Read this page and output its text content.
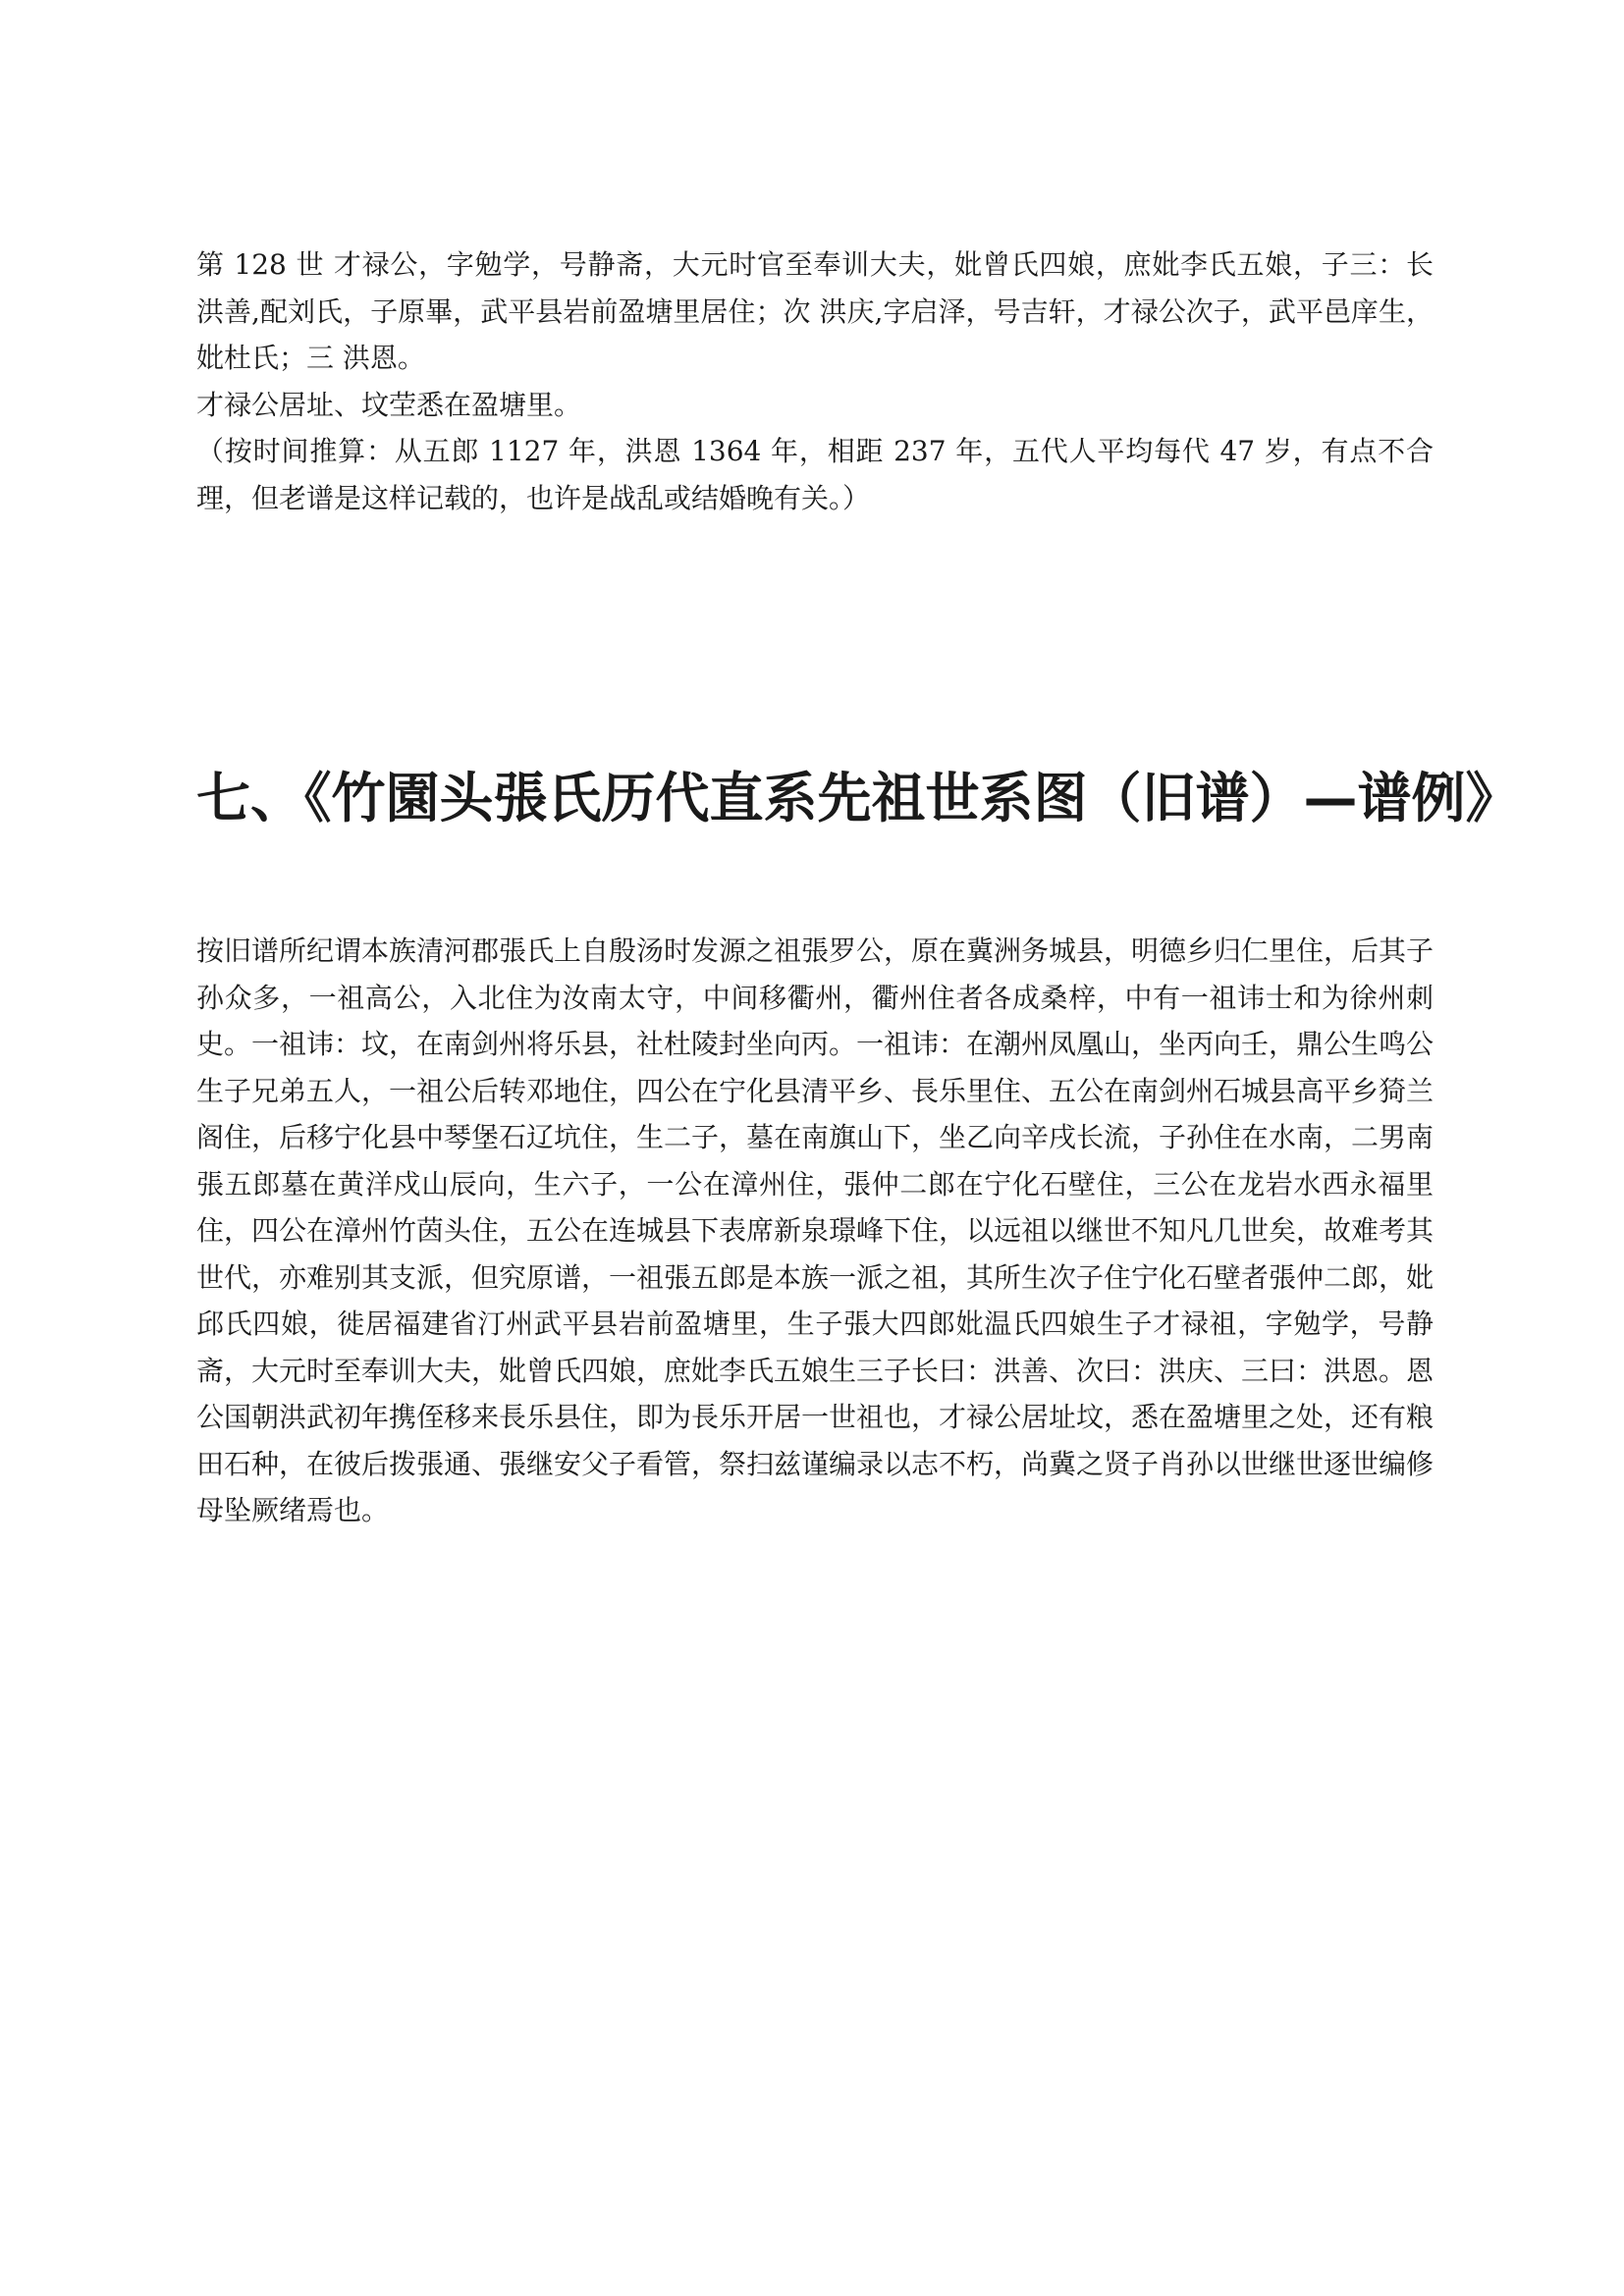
第 128 世 才禄公，字勉学，号静斋，大元时官至奉训大夫，妣曾氏四娘，庶妣李氏五娘，子三：长 洪善,配刘氏，子原畢，武平县岩前盈塘里居住；次 洪庆,字启泽，号吉轩，才禄公次子，武平邑庠生，妣杜氏；三 洪恩。

才禄公居址、坟茔悉在盈塘里。

（按时间推算：从五郎 1127 年，洪恩 1364 年，相距 237 年，五代人平均每代 47 岁，有点不合理，但老谱是这样记载的，也许是战乱或结婚晚有关。）

七、《竹園头張氏历代直系先祖世系图（旧谱）—谱例》

按旧谱所纪谓本族清河郡張氏上自殷汤时发源之祖張罗公，原在冀洲务城县，明德乡归仁里住，后其子孙众多，一祖高公，入北住为汝南太守，中间移衢州，衢州住者各成桑梓，中有一祖讳士和为徐州刺史。一祖讳：坟，在南剑州将乐县，社杜陵封坐向丙。一祖讳：在潮州凤凰山，坐丙向壬，鼎公生鸣公生子兄弟五人，一祖公后转邓地住，四公在宁化县清平乡、長乐里住、五公在南剑州石城县高平乡猗兰阁住，后移宁化县中琴堡石辽坑住，生二子，墓在南旗山下，坐乙向辛戌长流，子孙住在水南，二男南張五郎墓在黄洋戍山辰向，生六子，一公在漳州住，張仲二郎在宁化石壁住，三公在龙岩水西永福里住，四公在漳州竹茵头住，五公在连城县下表席新泉璟峰下住，以远祖以继世不知凡几世矣，故难考其世代，亦难别其支派，但究原谱，一祖張五郎是本族一派之祖，其所生次子住宁化石壁者張仲二郎，妣邱氏四娘，徙居福建省汀州武平县岩前盈塘里，生子張大四郎妣温氏四娘生子才禄祖，字勉学，号静斋，大元时至奉训大夫，妣曾氏四娘，庶妣李氏五娘生三子长曰：洪善、次曰：洪庆、三曰：洪恩。恩公国朝洪武初年携侄移来長乐县住，即为長乐开居一世祖也，才禄公居址坟，悉在盈塘里之处，还有粮田石种，在彼后拨張通、張继安父子看管，祭扫兹谨编录以志不朽，尚冀之贤子肖孙以世继世逐世编修母坠厥绪焉也。
